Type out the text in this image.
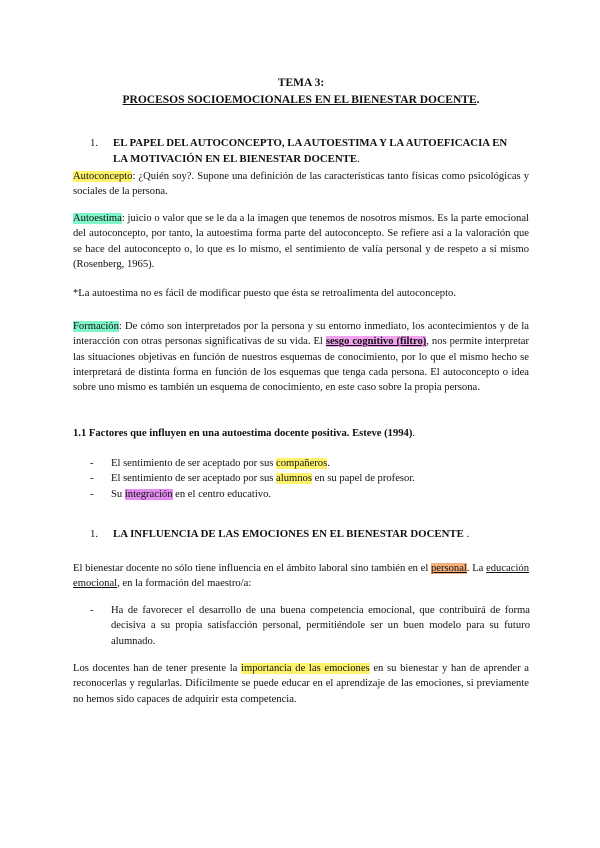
TEMA 3:
PROCESOS SOCIOEMOCIONALES EN EL BIENESTAR DOCENTE.
1. EL PAPEL DEL AUTOCONCEPTO, LA AUTOESTIMA Y LA AUTOEFICACIA EN
LA MOTIVACIÓN EN EL BIENESTAR DOCENTE.

Autoconcepto: ¿Quién soy?. Supone una definición de las características tanto físicas como psicológicas y sociales de la persona.

Autoestima: juicio o valor que se le da a la imagen que tenemos de nosotros mismos. Es la parte emocional del autoconcepto, por tanto, la autoestima forma parte del autoconcepto. Se refiere así a la valoración que se hace del autoconcepto o, lo que es lo mismo, el sentimiento de valía personal y de respeto a sí mismo (Rosenberg, 1965).

*La autoestima no es fácil de modificar puesto que ésta se retroalimenta del autoconcepto.

Formación: De cómo son interpretados por la persona y su entorno inmediato, los acontecimientos y de la interacción con otras personas significativas de su vida. El sesgo cognitivo (filtro), nos permite interpretar las situaciones objetivas en función de nuestros esquemas de conocimiento, por lo que el mismo hecho se interpretará de distinta forma en función de los esquemas que tenga cada persona. El autoconcepto o idea sobre uno mismo es también un esquema de conocimiento, en este caso sobre la propia persona.

1.1 Factores que influyen en una autoestima docente positiva. Esteve (1994).
- El sentimiento de ser aceptado por sus compañeros.
- El sentimiento de ser aceptado por sus alumnos en su papel de profesor.
- Su integración en el centro educativo.
1. LA INFLUENCIA DE LAS EMOCIONES EN EL BIENESTAR DOCENTE .

El bienestar docente no sólo tiene influencia en el ámbito laboral sino también en el personal. La educación emocional, en la formación del maestro/a:

- Ha de favorecer el desarrollo de una buena competencia emocional, que contribuirá de forma decisiva a su propia satisfacción personal, permitiéndole ser un buen modelo para su futuro alumnado.

Los docentes han de tener presente la importancia de las emociones en su bienestar y han de aprender a reconocerlas y regularlas. Difícilmente se puede educar en el aprendizaje de las emociones, si previamente no hemos sido capaces de adquirir esta competencia.
